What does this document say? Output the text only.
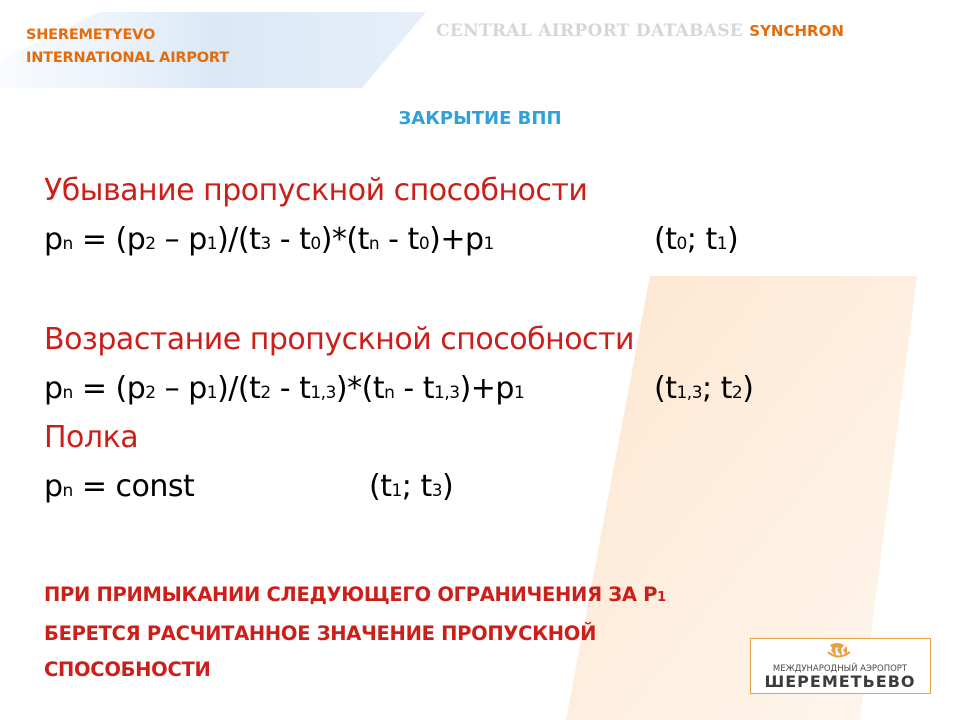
SHEREMETYEVO
INTERNATIONAL AIRPORT
CENTRAL AIRPORT DATABASE SYNCHRON
ЗАКРЫТИЕ ВПП
Убывание пропускной способности
pn = (p2 – p1)/(t3 - t0)*(tn - t0)+p1	(t0; t1)
Возрастание пропускной способности
pn = (p2 – p1)/(t2 - t1,3)*(tn - t1,3)+p1	(t1,3; t2)
Полка
pn = const	(t1; t3)
ПРИ ПРИМЫКАНИИ СЛЕДУЮЩЕГО ОГРАНИЧЕНИЯ ЗА Р1
БЕРЕТСЯ РАСЧИТАННОЕ ЗНАЧЕНИЕ ПРОПУСКНОЙ
СПОСОБНОСТИ	МЕЖДУНАРОДНЫЙ АЭРОПОРТ
ШЕРЕМЕТЬЕВО
